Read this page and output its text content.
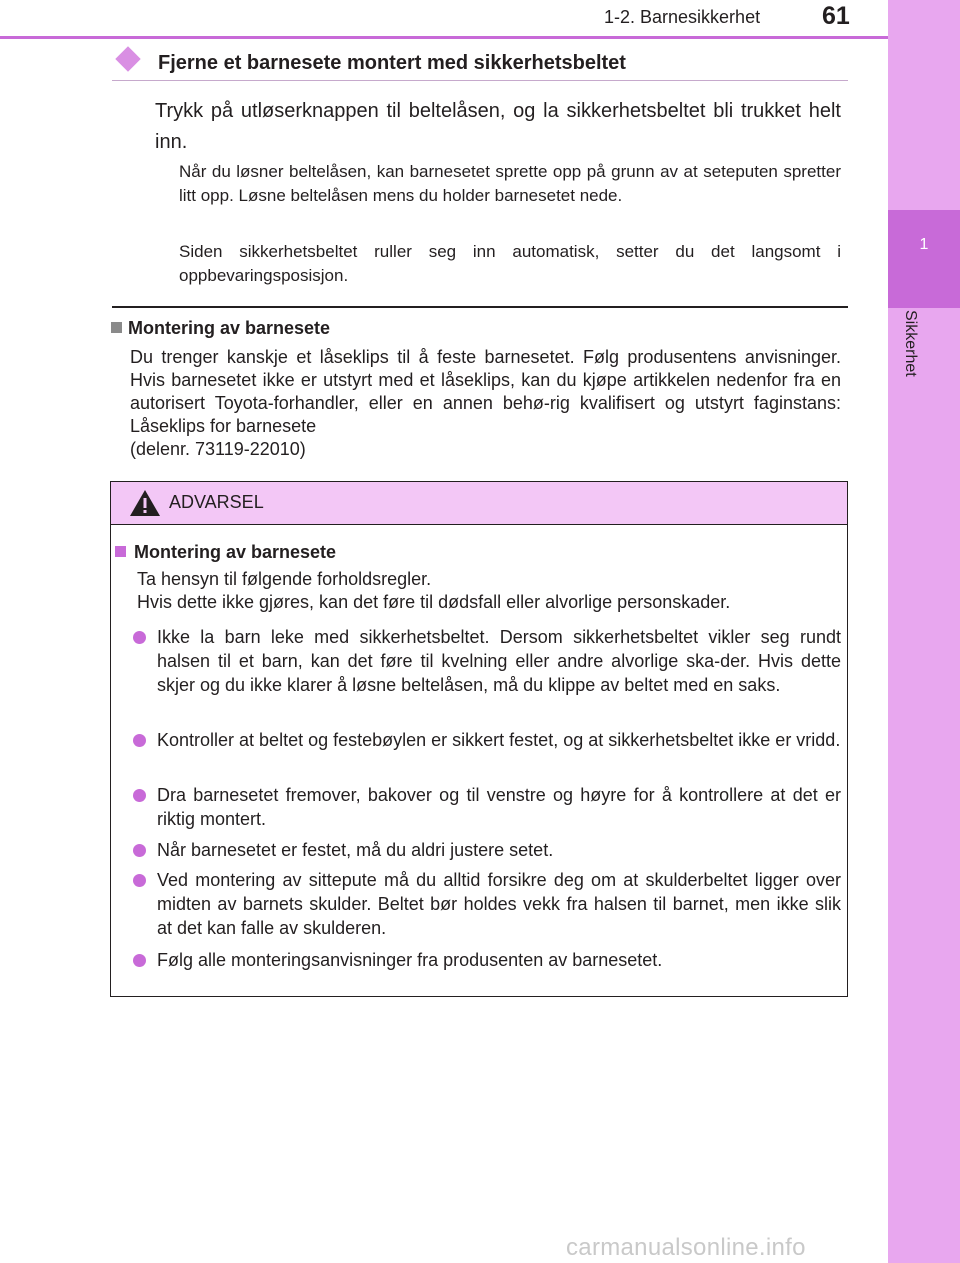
1
Sikkerhet
1-2. Barnesikkerhet 61
Fjerne et barnesete montert med sikkerhetsbeltet
Trykk på utløserknappen til beltelåsen, og la sikkerhetsbeltet bli trukket helt inn.
Når du løsner beltelåsen, kan barnesetet sprette opp på grunn av at seteputen spretter litt opp. Løsne beltelåsen mens du holder barnesetet nede.
Siden sikkerhetsbeltet ruller seg inn automatisk, setter du det langsomt i oppbevaringsposisjon.
Montering av barnesete
Du trenger kanskje et låseklips til å feste barnesetet. Følg produsentens anvisninger. Hvis barnesetet ikke er utstyrt med et låseklips, kan du kjøpe artikkelen nedenfor fra en autorisert Toyota-forhandler, eller en annen behø-rig kvalifisert og utstyrt faginstans: Låseklips for barnesete
(delenr. 73119-22010)
ADVARSEL
Montering av barnesete
Ta hensyn til følgende forholdsregler.
Hvis dette ikke gjøres, kan det føre til dødsfall eller alvorlige personskader.
Ikke la barn leke med sikkerhetsbeltet. Dersom sikkerhetsbeltet vikler seg rundt halsen til et barn, kan det føre til kvelning eller andre alvorlige ska-der. Hvis dette skjer og du ikke klarer å løsne beltelåsen, må du klippe av beltet med en saks.
Kontroller at beltet og festebøylen er sikkert festet, og at sikkerhetsbeltet ikke er vridd.
Dra barnesetet fremover, bakover og til venstre og høyre for å kontrollere at det er riktig montert.
Når barnesetet er festet, må du aldri justere setet.
Ved montering av sittepute må du alltid forsikre deg om at skulderbeltet ligger over midten av barnets skulder. Beltet bør holdes vekk fra halsen til barnet, men ikke slik at det kan falle av skulderen.
Følg alle monteringsanvisninger fra produsenten av barnesetet.
carmanualsonline.info
